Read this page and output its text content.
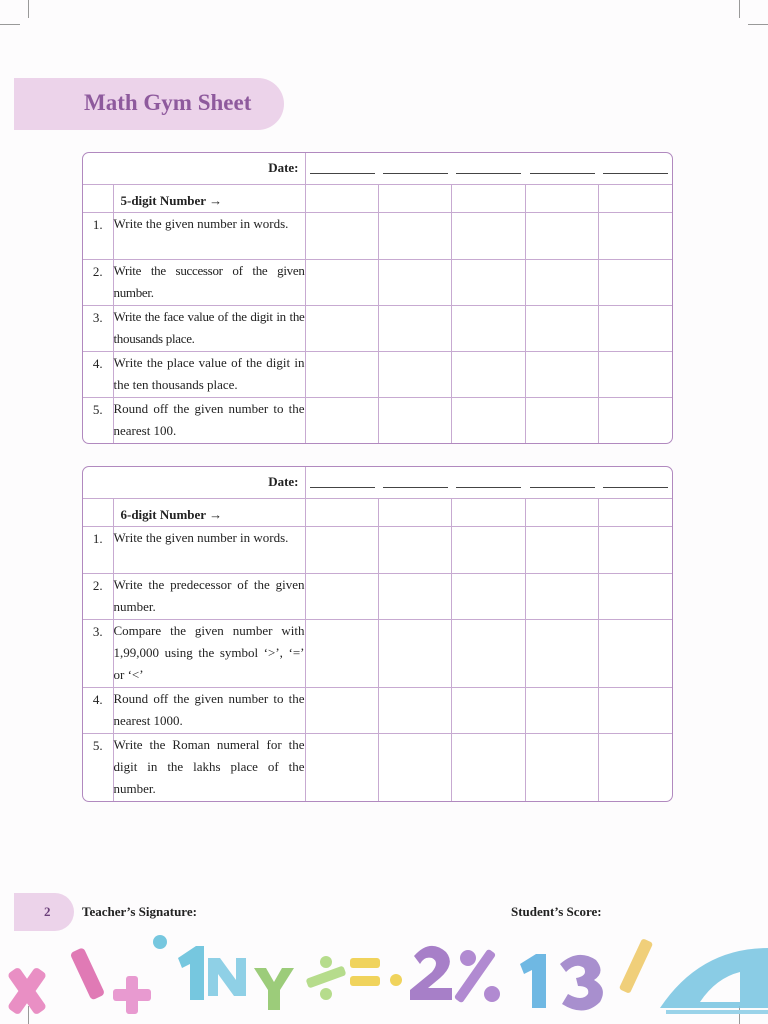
Math Gym Sheet
Date:						

	5-digit Number →					
1.	Write the given number in words.					
2.	Write the successor of the given number.					
3.	Write the face value of the digit in the thousands place.					
4.	Write the place value of the digit in the ten thousands place.					
5.	Round off the given number to the nearest 100.					
Date:						

	6-digit Number →					
1.	Write the given number in words.					
2.	Write the predecessor of the given number.					
3.	Compare the given number with 1,99,000 using the symbol ‘>’, ‘=’ or ‘<’					
4.	Round off the given number to the nearest 1000.					
5.	Write the Roman numeral for the digit in the lakhs place of the number.					
2 Teacher’s Signature:	Student’s Score:
